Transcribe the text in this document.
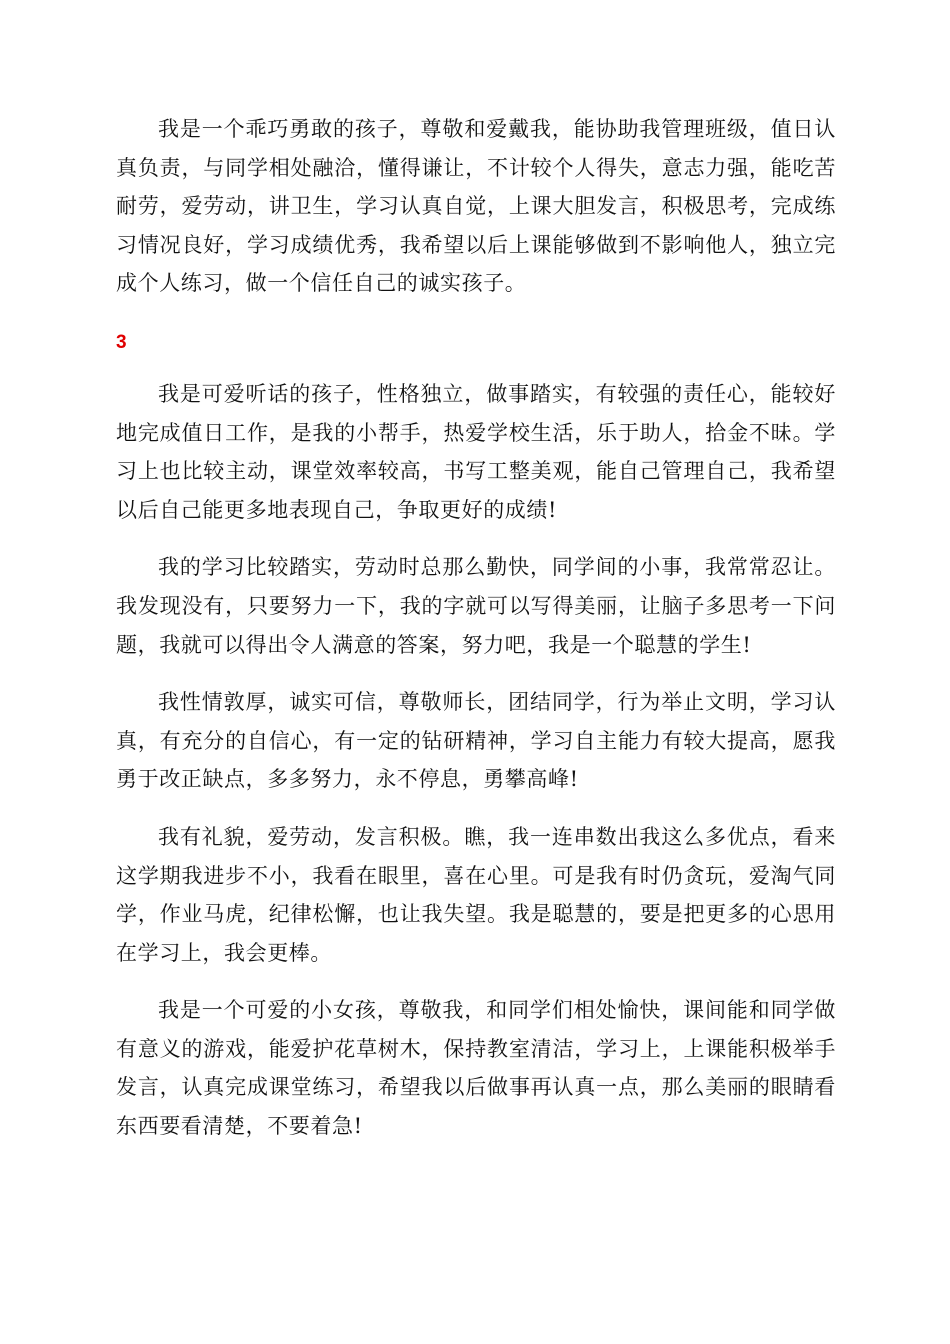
我是一个乖巧勇敢的孩子，尊敬和爱戴我，能协助我管理班级，值日认真负责，与同学相处融洽，懂得谦让，不计较个人得失，意志力强，能吃苦耐劳，爱劳动，讲卫生，学习认真自觉，上课大胆发言，积极思考，完成练习情况良好，学习成绩优秀，我希望以后上课能够做到不影响他人，独立完成个人练习，做一个信任自己的诚实孩子。

3

我是可爱听话的孩子，性格独立，做事踏实，有较强的责任心，能较好地完成值日工作，是我的小帮手，热爱学校生活，乐于助人，拾金不昧。学习上也比较主动，课堂效率较高，书写工整美观，能自己管理自己，我希望以后自己能更多地表现自己，争取更好的成绩!

我的学习比较踏实，劳动时总那么勤快，同学间的小事，我常常忍让。我发现没有，只要努力一下，我的字就可以写得美丽，让脑子多思考一下问题，我就可以得出令人满意的答案，努力吧，我是一个聪慧的学生!

我性情敦厚，诚实可信，尊敬师长，团结同学，行为举止文明，学习认真，有充分的自信心，有一定的钻研精神，学习自主能力有较大提高，愿我勇于改正缺点，多多努力，永不停息，勇攀高峰!

我有礼貌，爱劳动，发言积极。瞧，我一连串数出我这么多优点，看来这学期我进步不小，我看在眼里，喜在心里。可是我有时仍贪玩，爱淘气同学，作业马虎，纪律松懈，也让我失望。我是聪慧的，要是把更多的心思用在学习上，我会更棒。

我是一个可爱的小女孩，尊敬我，和同学们相处愉快，课间能和同学做有意义的游戏，能爱护花草树木，保持教室清洁，学习上，上课能积极举手发言，认真完成课堂练习，希望我以后做事再认真一点，那么美丽的眼睛看东西要看清楚，不要着急!
